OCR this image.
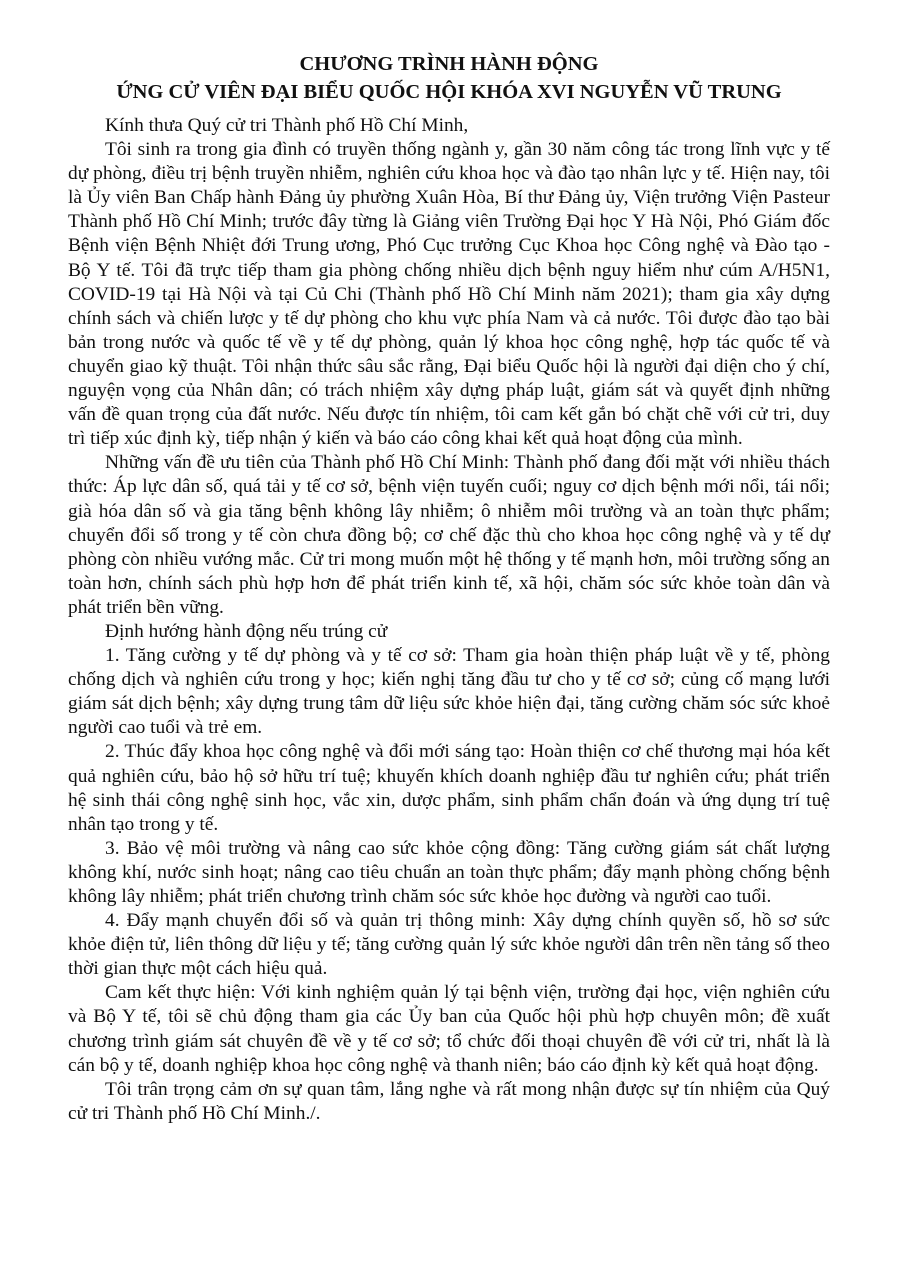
CHƯƠNG TRÌNH HÀNH ĐỘNG
ỨNG CỬ VIÊN ĐẠI BIỂU QUỐC HỘI KHÓA XVI NGUYỄN VŨ TRUNG

Kính thưa Quý cử tri Thành phố Hồ Chí Minh,

Tôi sinh ra trong gia đình có truyền thống ngành y, gần 30 năm công tác trong lĩnh vực y tế dự phòng, điều trị bệnh truyền nhiễm, nghiên cứu khoa học và đào tạo nhân lực y tế. Hiện nay, tôi là Ủy viên Ban Chấp hành Đảng ủy phường Xuân Hòa, Bí thư Đảng ủy, Viện trưởng Viện Pasteur Thành phố Hồ Chí Minh; trước đây từng là Giảng viên Trường Đại học Y Hà Nội, Phó Giám đốc Bệnh viện Bệnh Nhiệt đới Trung ương, Phó Cục trưởng Cục Khoa học Công nghệ và Đào tạo - Bộ Y tế. Tôi đã trực tiếp tham gia phòng chống nhiều dịch bệnh nguy hiểm như cúm A/H5N1, COVID-19 tại Hà Nội và tại Củ Chi (Thành phố Hồ Chí Minh năm 2021); tham gia xây dựng chính sách và chiến lược y tế dự phòng cho khu vực phía Nam và cả nước. Tôi được đào tạo bài bản trong nước và quốc tế về y tế dự phòng, quản lý khoa học công nghệ, hợp tác quốc tế và chuyển giao kỹ thuật. Tôi nhận thức sâu sắc rằng, Đại biểu Quốc hội là người đại diện cho ý chí, nguyện vọng của Nhân dân; có trách nhiệm xây dựng pháp luật, giám sát và quyết định những vấn đề quan trọng của đất nước. Nếu được tín nhiệm, tôi cam kết gắn bó chặt chẽ với cử tri, duy trì tiếp xúc định kỳ, tiếp nhận ý kiến và báo cáo công khai kết quả hoạt động của mình.

Những vấn đề ưu tiên của Thành phố Hồ Chí Minh: Thành phố đang đối mặt với nhiều thách thức: Áp lực dân số, quá tải y tế cơ sở, bệnh viện tuyến cuối; nguy cơ dịch bệnh mới nổi, tái nổi; già hóa dân số và gia tăng bệnh không lây nhiễm; ô nhiễm môi trường và an toàn thực phẩm; chuyển đổi số trong y tế còn chưa đồng bộ; cơ chế đặc thù cho khoa học công nghệ và y tế dự phòng còn nhiều vướng mắc. Cử tri mong muốn một hệ thống y tế mạnh hơn, môi trường sống an toàn hơn, chính sách phù hợp hơn để phát triển kinh tế, xã hội, chăm sóc sức khỏe toàn dân và phát triển bền vững.

Định hướng hành động nếu trúng cử

1. Tăng cường y tế dự phòng và y tế cơ sở: Tham gia hoàn thiện pháp luật về y tế, phòng chống dịch và nghiên cứu trong y học; kiến nghị tăng đầu tư cho y tế cơ sở; củng cố mạng lưới giám sát dịch bệnh; xây dựng trung tâm dữ liệu sức khỏe hiện đại, tăng cường chăm sóc sức khoẻ người cao tuổi và trẻ em.

2. Thúc đẩy khoa học công nghệ và đổi mới sáng tạo: Hoàn thiện cơ chế thương mại hóa kết quả nghiên cứu, bảo hộ sở hữu trí tuệ; khuyến khích doanh nghiệp đầu tư nghiên cứu; phát triển hệ sinh thái công nghệ sinh học, vắc xin, dược phẩm, sinh phẩm chẩn đoán và ứng dụng trí tuệ nhân tạo trong y tế.

3. Bảo vệ môi trường và nâng cao sức khỏe cộng đồng: Tăng cường giám sát chất lượng không khí, nước sinh hoạt; nâng cao tiêu chuẩn an toàn thực phẩm; đẩy mạnh phòng chống bệnh không lây nhiễm; phát triển chương trình chăm sóc sức khỏe học đường và người cao tuổi.

4. Đẩy mạnh chuyển đổi số và quản trị thông minh: Xây dựng chính quyền số, hồ sơ sức khỏe điện tử, liên thông dữ liệu y tế; tăng cường quản lý sức khỏe người dân trên nền tảng số theo thời gian thực một cách hiệu quả.

Cam kết thực hiện: Với kinh nghiệm quản lý tại bệnh viện, trường đại học, viện nghiên cứu và Bộ Y tế, tôi sẽ chủ động tham gia các Ủy ban của Quốc hội phù hợp chuyên môn; đề xuất chương trình giám sát chuyên đề về y tế cơ sở; tổ chức đối thoại chuyên đề với cử tri, nhất là là cán bộ y tế, doanh nghiệp khoa học công nghệ và thanh niên; báo cáo định kỳ kết quả hoạt động.

Tôi trân trọng cảm ơn sự quan tâm, lắng nghe và rất mong nhận được sự tín nhiệm của Quý cử tri Thành phố Hồ Chí Minh./.
